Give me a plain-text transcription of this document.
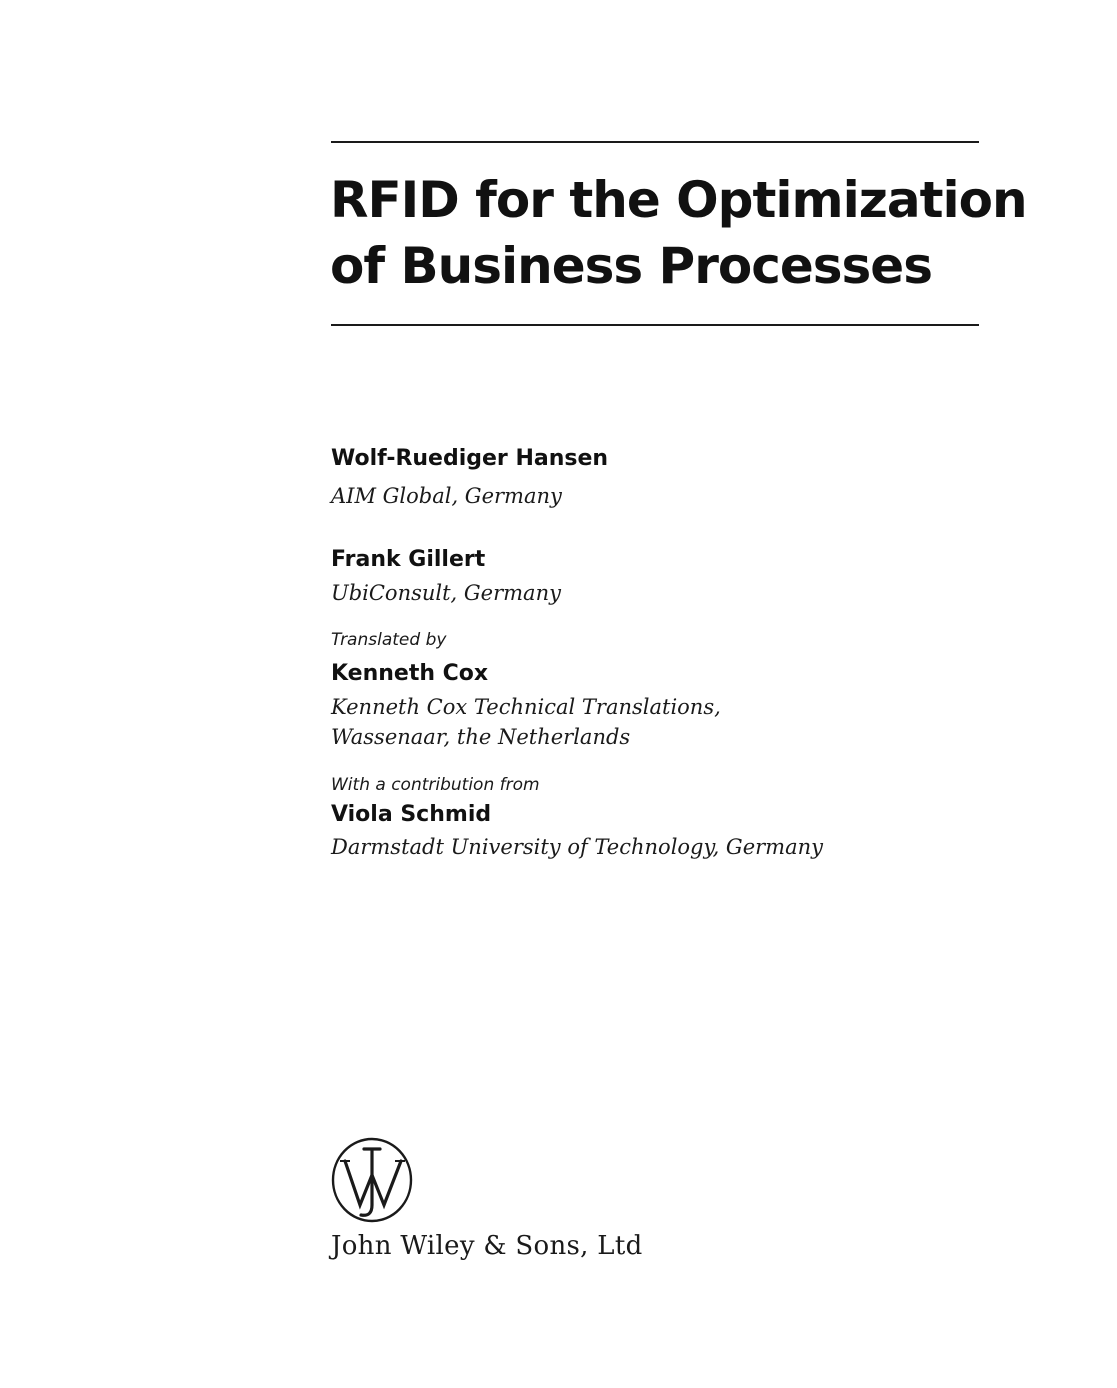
RFID for the Optimization
of Business Processes
Wolf-Ruediger Hansen
AIM Global, Germany
Frank Gillert
UbiConsult, Germany
Translated by
Kenneth Cox
Kenneth Cox Technical Translations,
Wassenaar, the Netherlands
With a contribution from
Viola Schmid
Darmstadt University of Technology, Germany
John Wiley & Sons, Ltd
